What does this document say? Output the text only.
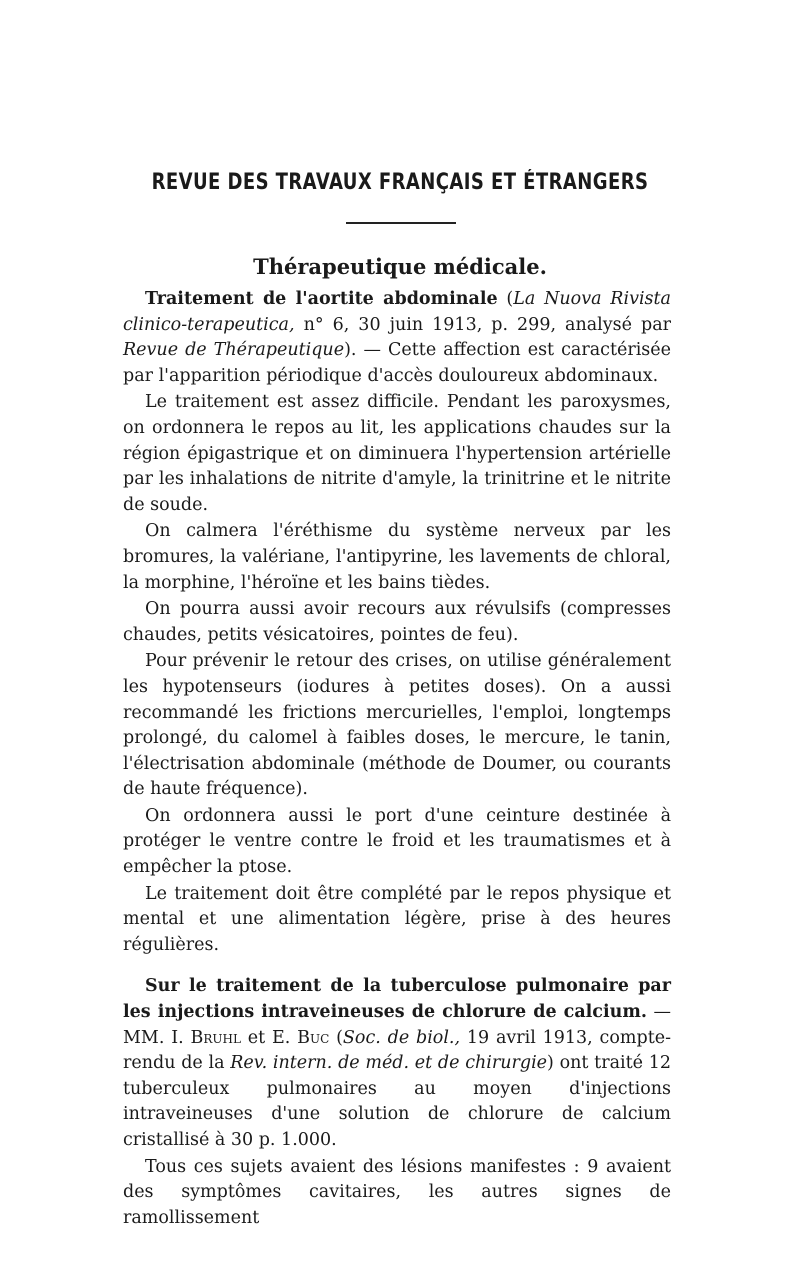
REVUE DES TRAVAUX FRANÇAIS ET ÉTRANGERS
Thérapeutique médicale.

Traitement de l'aortite abdominale (La Nuova Rivista clinico-terapeutica, n° 6, 30 juin 1913, p. 299, analysé par Revue de Thérapeutique). — Cette affection est caractérisée par l'apparition périodique d'accès douloureux abdominaux.

Le traitement est assez difficile. Pendant les paroxysmes, on ordonnera le repos au lit, les applications chaudes sur la région épigastrique et on diminuera l'hypertension artérielle par les inhalations de nitrite d'amyle, la trinitrine et le nitrite de soude.

On calmera l'éréthisme du système nerveux par les bromures, la valériane, l'antipyrine, les lavements de chloral, la morphine, l'héroïne et les bains tièdes.

On pourra aussi avoir recours aux révulsifs (compresses chaudes, petits vésicatoires, pointes de feu).

Pour prévenir le retour des crises, on utilise généralement les hypotenseurs (iodures à petites doses). On a aussi recommandé les frictions mercurielles, l'emploi, longtemps prolongé, du calomel à faibles doses, le mercure, le tanin, l'électrisation abdominale (méthode de Doumer, ou courants de haute fréquence).

On ordonnera aussi le port d'une ceinture destinée à protéger le ventre contre le froid et les traumatismes et à empêcher la ptose.

Le traitement doit être complété par le repos physique et mental et une alimentation légère, prise à des heures régulières.

Sur le traitement de la tuberculose pulmonaire par les injections intraveineuses de chlorure de calcium. — MM. I. Bruhl et E. Buc (Soc. de biol., 19 avril 1913, compte-rendu de la Rev. intern. de méd. et de chirurgie) ont traité 12 tuberculeux pulmonaires au moyen d'injections intraveineuses d'une solution de chlorure de calcium cristallisé à 30 p. 1.000.

Tous ces sujets avaient des lésions manifestes : 9 avaient des symptômes cavitaires, les autres signes de ramollissement
